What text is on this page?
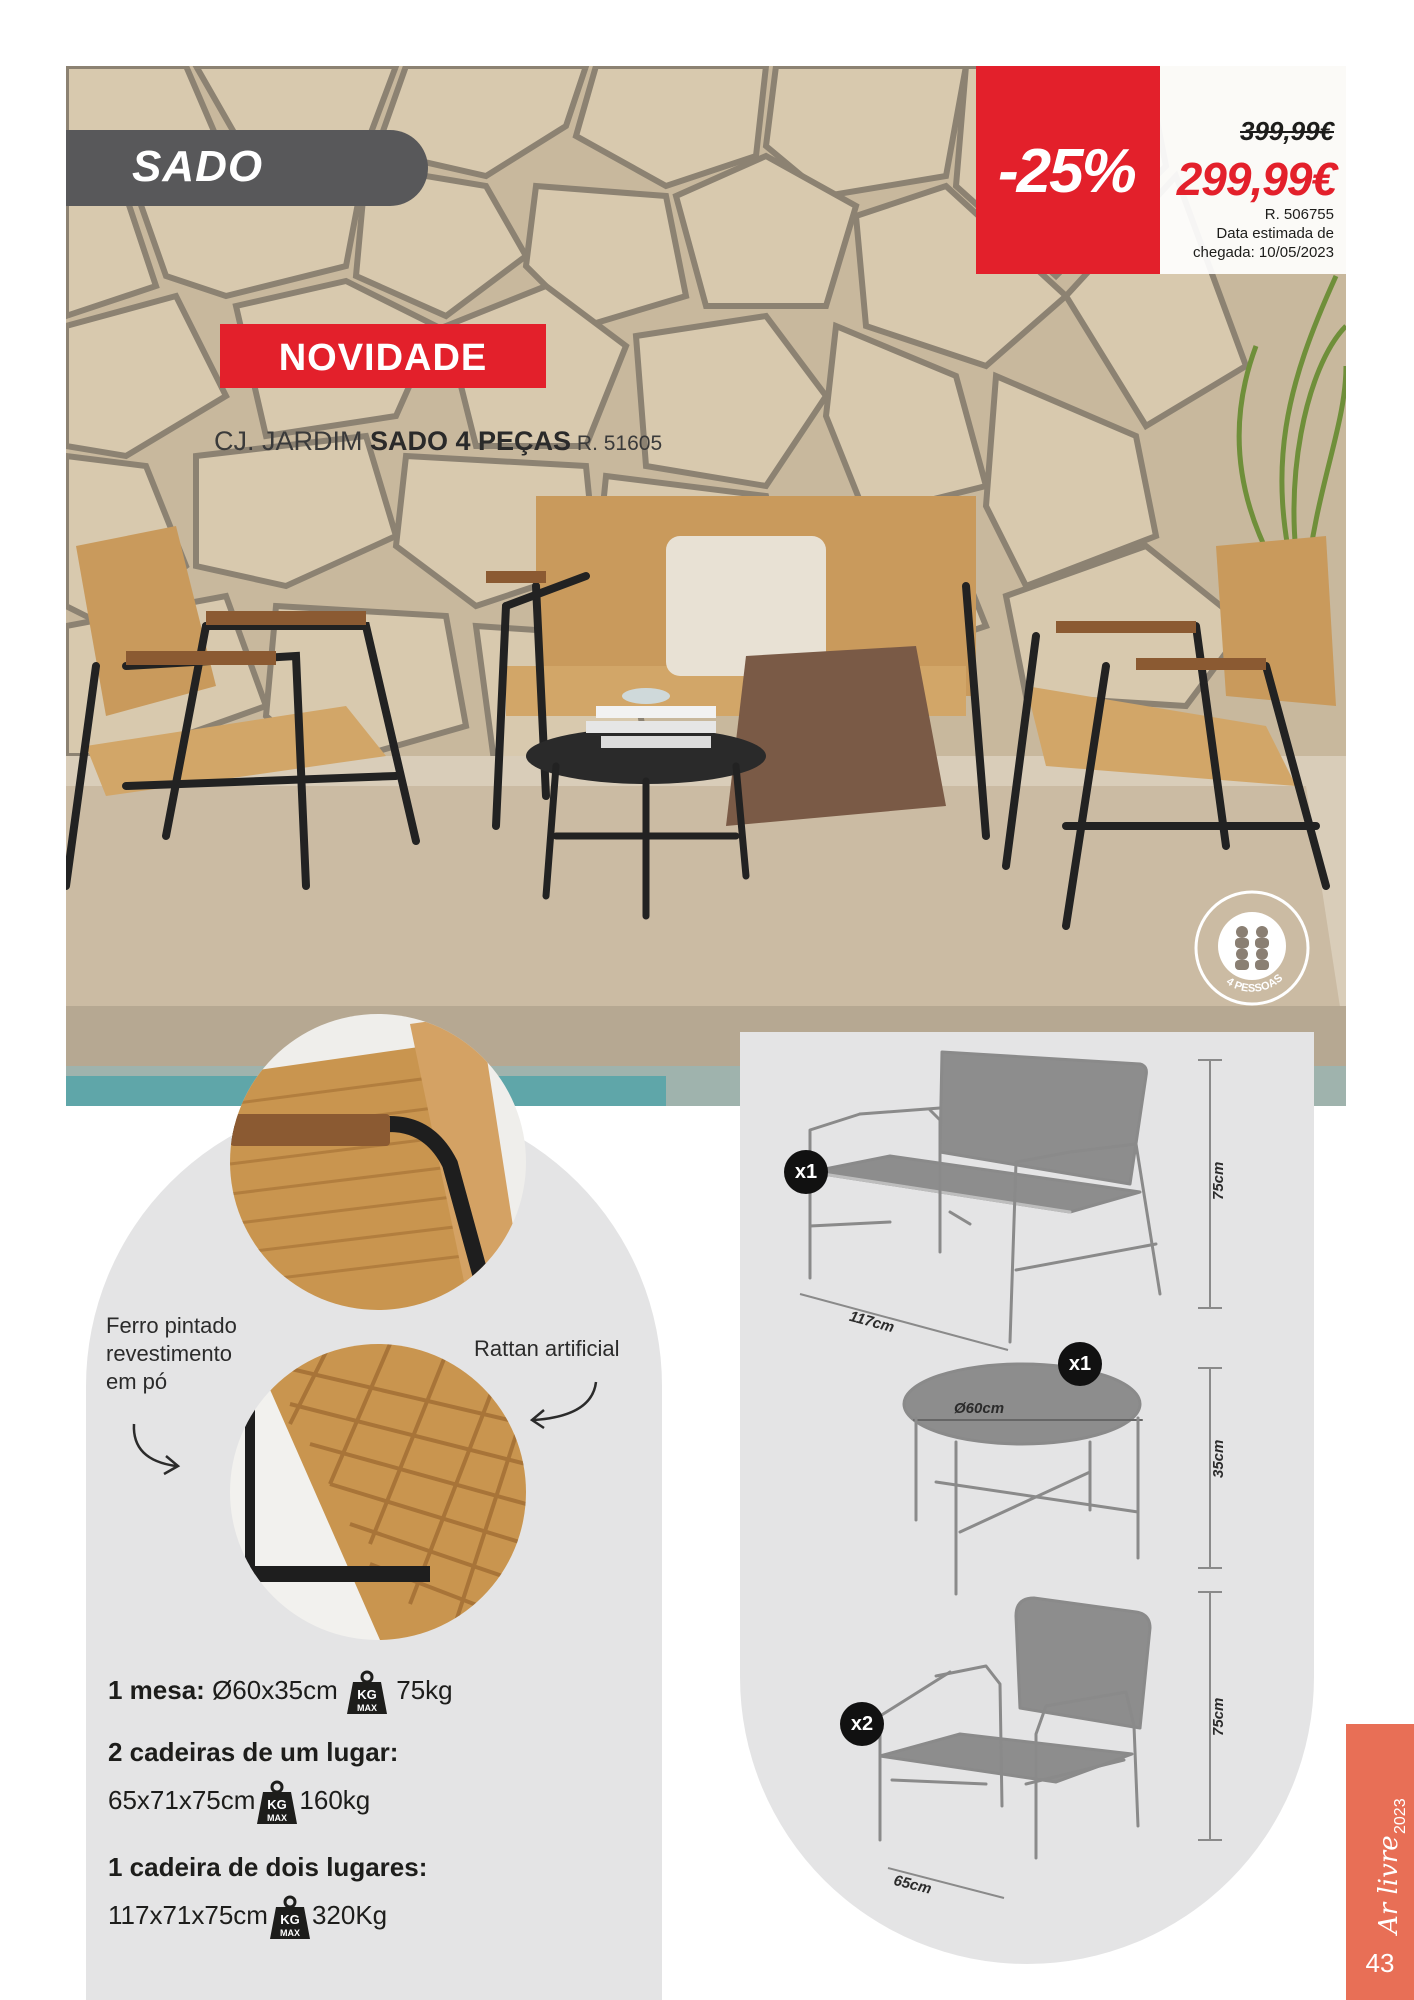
SADO	-25%
399,99€
299,99€
R. 506755
Data estimada de chegada: 10/05/2023
NOVIDADE
CJ. JARDIM SADO 4 PEÇAS R. 51605
4 PESSOAS
Ferro pintado
revestimento
em pó
Rattan artificial
1 mesa: Ø60x35cm KG
MAX
75kg
2 cadeiras de um lugar:
65x71x75cm KG
MAX
160kg
1 cadeira de dois lugares:
117x71x75cm KG
MAX
320Kg
x1
117cm
75cm
x1
Ø60cm
35cm
x2
65cm
75cm
2023
Ar livre
43
